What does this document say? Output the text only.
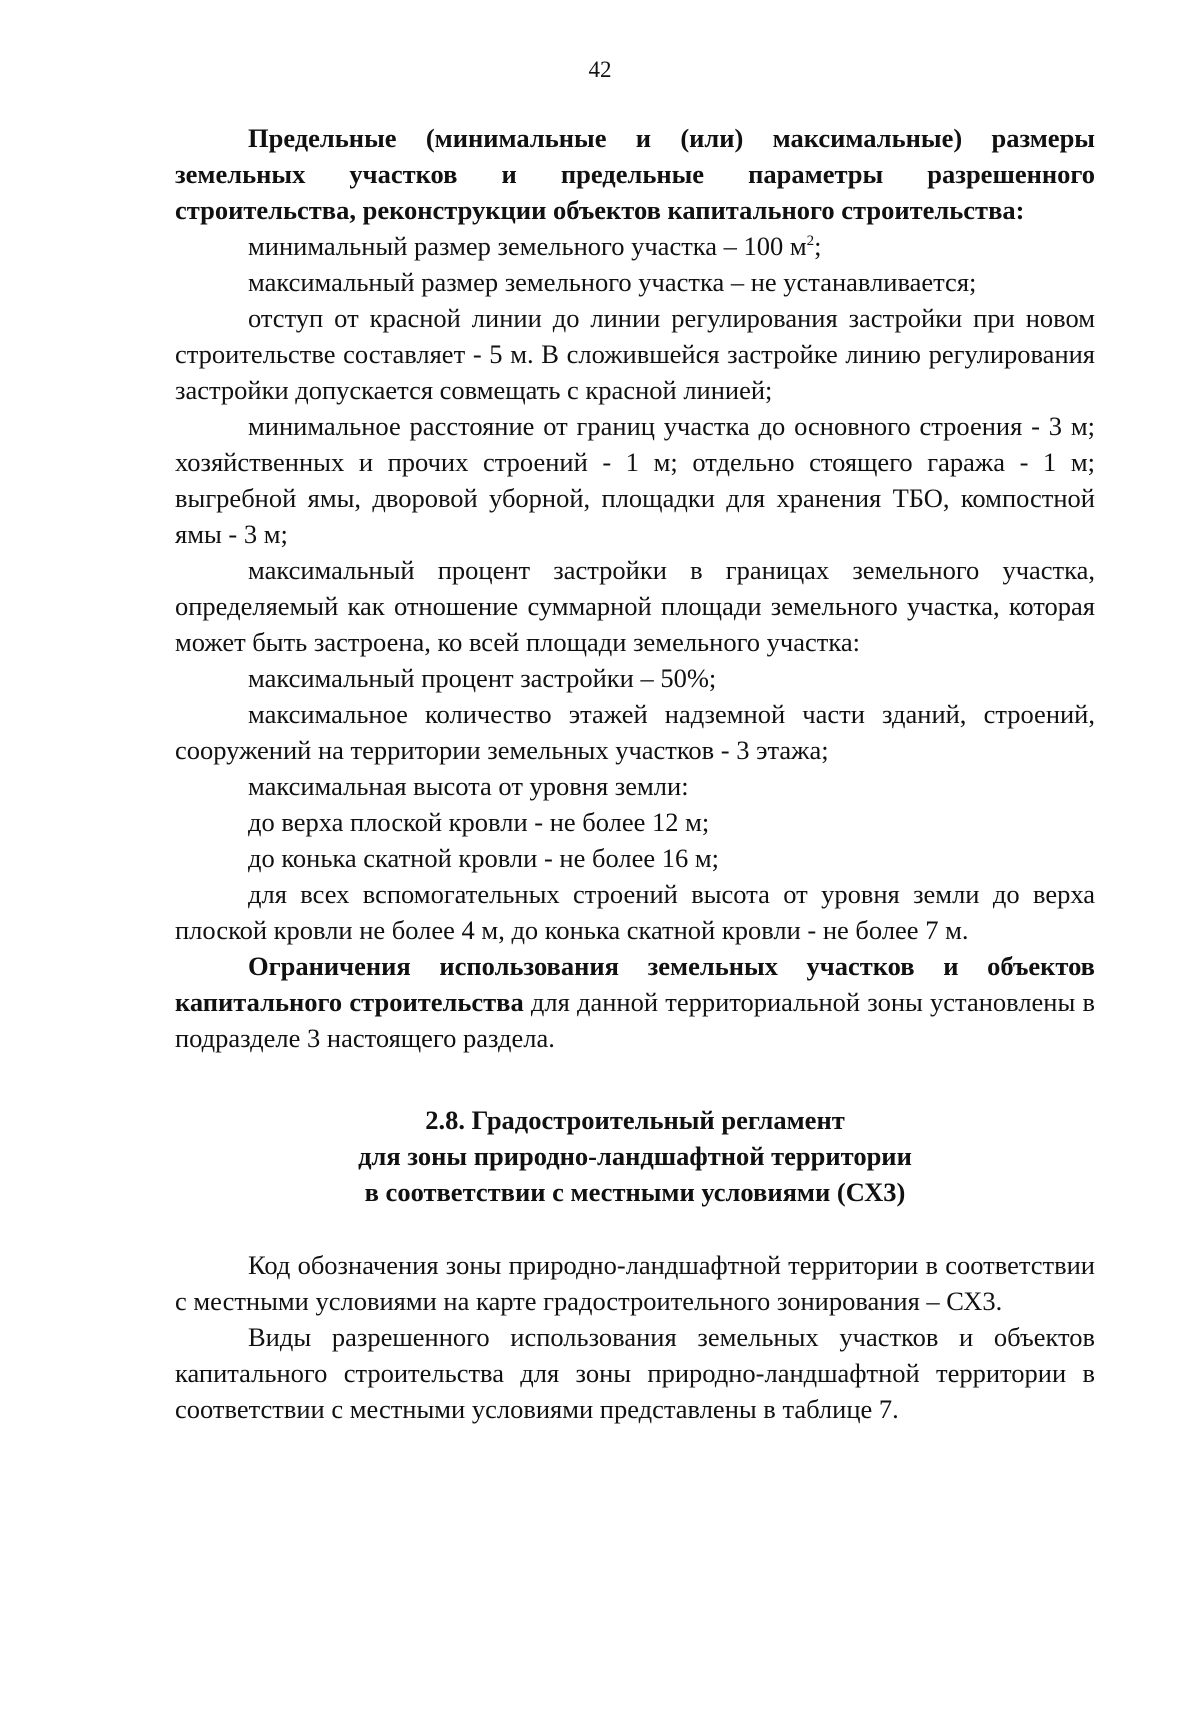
42

Предельные (минимальные и (или) максимальные) размеры земельных участков и предельные параметры разрешенного строительства, реконструкции объектов капитального строительства:

минимальный размер земельного участка – 100 $м^2$;

максимальный размер земельного участка – не устанавливается;

отступ от красной линии до линии регулирования застройки при новом строительстве составляет - 5 м. В сложившейся застройке линию регулирования застройки допускается совмещать с красной линией;

минимальное расстояние от границ участка до основного строения - 3 м; хозяйственных и прочих строений - 1 м; отдельно стоящего гаража - 1 м; выгребной ямы, дворовой уборной, площадки для хранения ТБО, компостной ямы - 3 м;

максимальный процент застройки в границах земельного участка, определяемый как отношение суммарной площади земельного участка, которая может быть застроена, ко всей площади земельного участка:

максимальный процент застройки – 50%;

максимальное количество этажей надземной части зданий, строений, сооружений на территории земельных участков - 3 этажа;

максимальная высота от уровня земли:

до верха плоской кровли - не более 12 м;

до конька скатной кровли - не более 16 м;

для всех вспомогательных строений высота от уровня земли до верха плоской кровли не более 4 м, до конька скатной кровли - не более 7 м.

Ограничения использования земельных участков и объектов капитального строительства для данной территориальной зоны установлены в подразделе 3 настоящего раздела.

2.8. Градостроительный регламент
для зоны природно-ландшафтной территории
в соответствии с местными условиями (СХ3)

Код обозначения зоны природно-ландшафтной территории в соответствии с местными условиями на карте градостроительного зонирования – СХ3.

Виды разрешенного использования земельных участков и объектов капитального строительства для зоны природно-ландшафтной территории в соответствии с местными условиями представлены в таблице 7.
